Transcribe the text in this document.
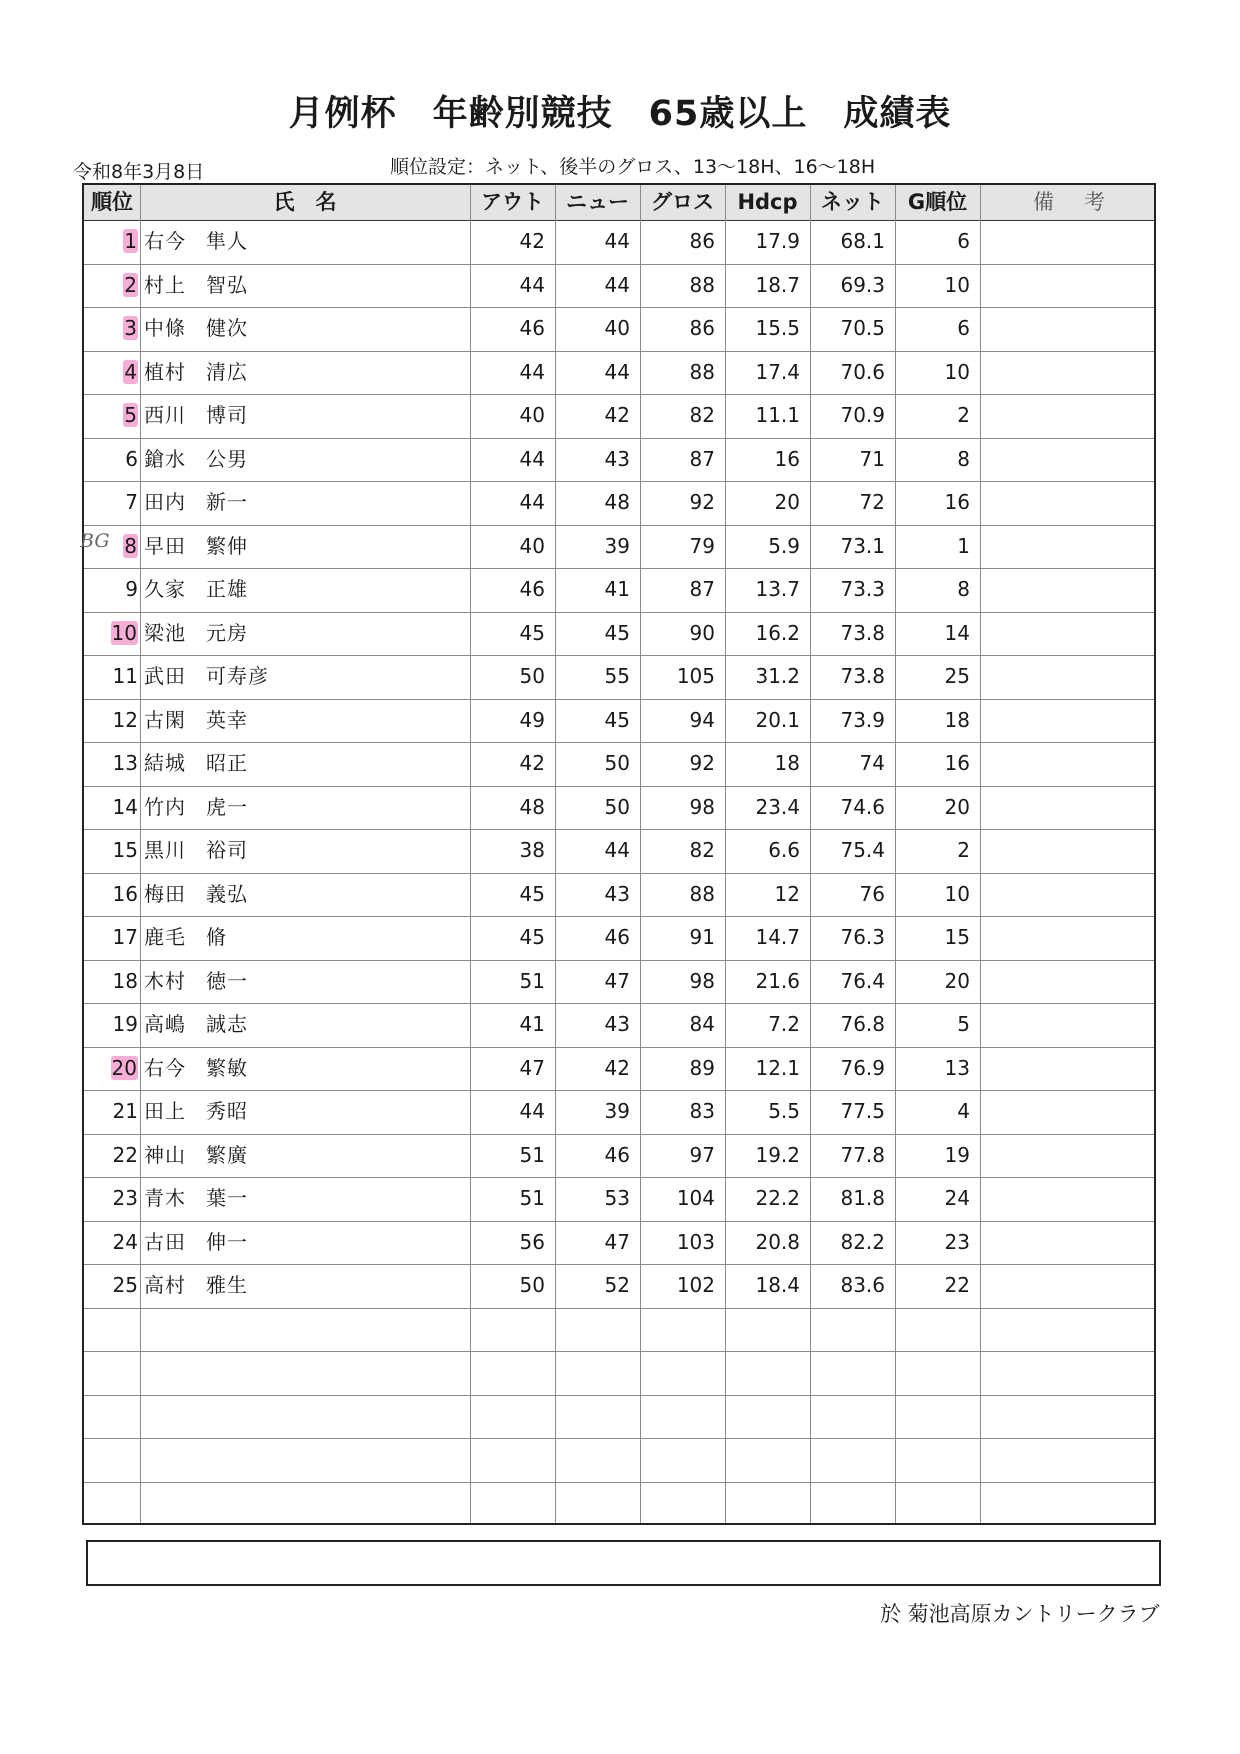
月例杯　年齢別競技　65歳以上　成績表
令和8年3月8日	順位設定：ネット、後半のグロス、13〜18H、16〜18H
順位	氏　名	アウト	ニュー	グロス	Hdcp	ネット	G順位	備考
1 右今 隼人	42	44	86	17.9	68.1	6
2 村上 智弘	44	44	88	18.7	69.3	10
3 中條 健次	46	40	86	15.5	70.5	6
4 植村 清広	44	44	88	17.4	70.6	10
5 西川 博司	40	42	82	11.1	70.9	2
6 鎗水 公男	44	43	87	16	71	8
7 田内 新一	44	48	92	20	72	16
8 早田 繁伸	40	39	79	5.9	73.1	1
9 久家 正雄	46	41	87	13.7	73.3	8
10 梁池 元房	45	45	90	16.2	73.8	14
11 武田 可寿彦	50	55	105	31.2	73.8	25
12 古閑 英幸	49	45	94	20.1	73.9	18
13 結城 昭正	42	50	92	18	74	16
14 竹内 虎一	48	50	98	23.4	74.6	20
15 黒川 裕司	38	44	82	6.6	75.4	2
16 梅田 義弘	45	43	88	12	76	10
17 鹿毛 脩	45	46	91	14.7	76.3	15
18 木村 徳一	51	47	98	21.6	76.4	20
19 高嶋 誠志	41	43	84	7.2	76.8	5
20 右今 繁敏	47	42	89	12.1	76.9	13
21 田上 秀昭	44	39	83	5.5	77.5	4
22 神山 繁廣	51	46	97	19.2	77.8	19
23 青木 葉一	51	53	104	22.2	81.8	24
24 古田 伸一	56	47	103	20.8	82.2	23
25 高村 雅生	50	52	102	18.4	83.6	22
BG
於 菊池高原カントリークラブ
